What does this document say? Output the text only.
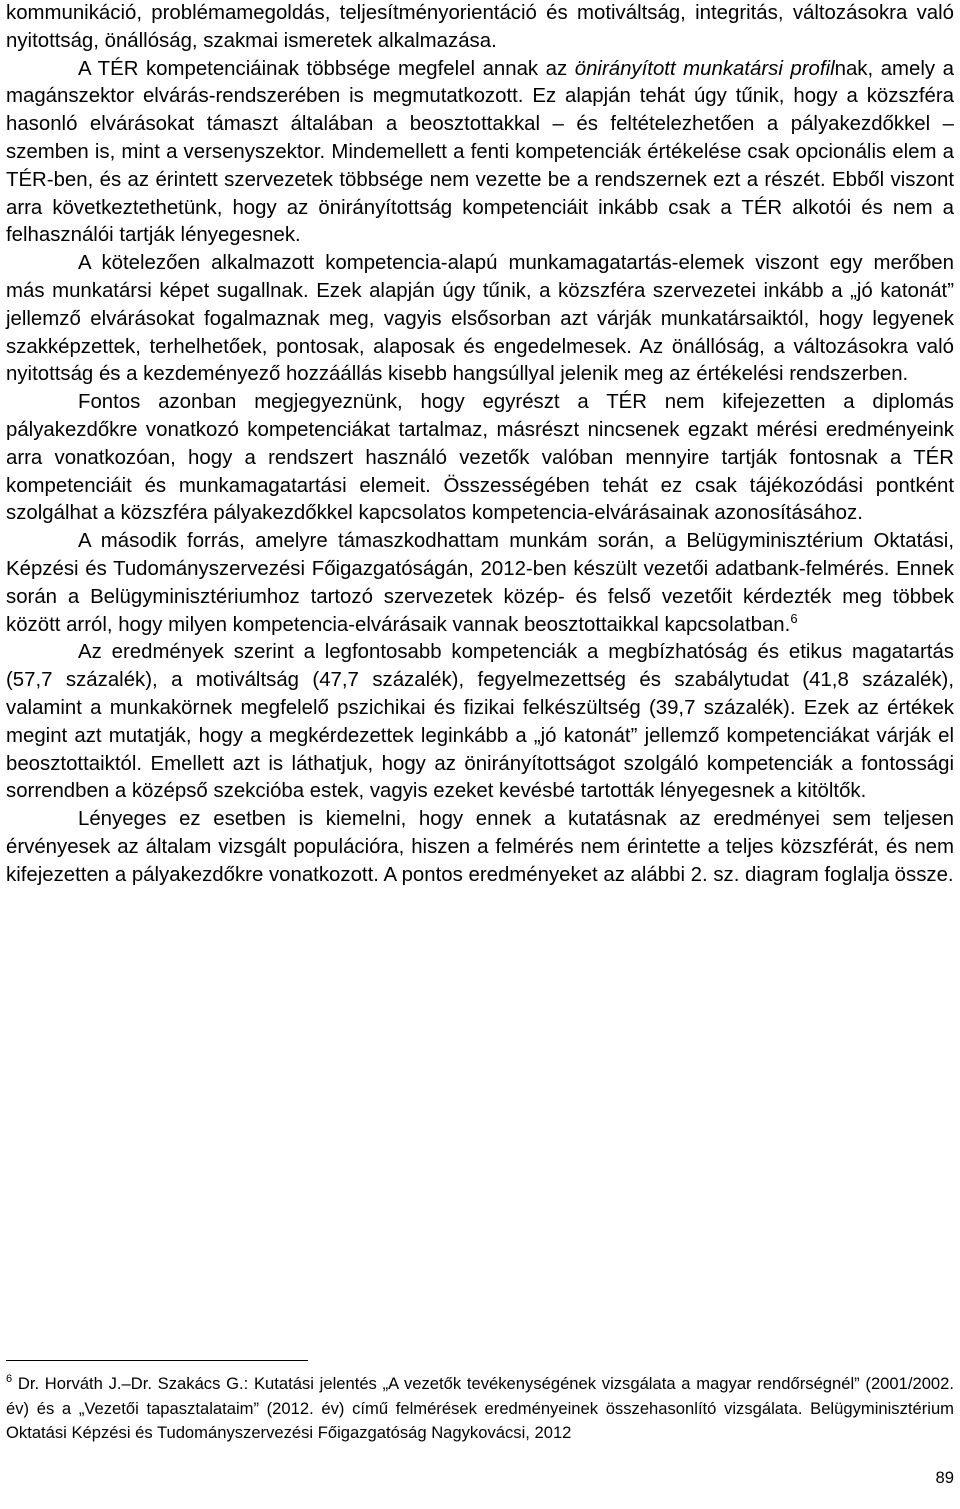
kommunikáció, problémamegoldás, teljesítményorientáció és motiváltság, integritás, változásokra való nyitottság, önállóság, szakmai ismeretek alkalmazása.

A TÉR kompetenciáinak többsége megfelel annak az önirányított munkatársi profilnak, amely a magánszektor elvárás-rendszerében is megmutatkozott. Ez alapján tehát úgy tűnik, hogy a közszféra hasonló elvárásokat támaszt általában a beosztottakkal – és feltételezhetően a pályakezdőkkel – szemben is, mint a versenyszektor. Mindemellett a fenti kompetenciák értékelése csak opcionális elem a TÉR-ben, és az érintett szervezetek többsége nem vezette be a rendszernek ezt a részét. Ebből viszont arra következtethetünk, hogy az önirányítottság kompetenciáit inkább csak a TÉR alkotói és nem a felhasználói tartják lényegesnek.

A kötelezően alkalmazott kompetencia-alapú munkamagatartás-elemek viszont egy merőben más munkatársi képet sugallnak. Ezek alapján úgy tűnik, a közszféra szervezetei inkább a „jó katonát” jellemző elvárásokat fogalmaznak meg, vagyis elsősorban azt várják munkatársaiktól, hogy legyenek szakképzettek, terhelhetőek, pontosak, alaposak és engedelmesek. Az önállóság, a változásokra való nyitottság és a kezdeményező hozzáállás kisebb hangsúllyal jelenik meg az értékelési rendszerben.

Fontos azonban megjegyeznünk, hogy egyrészt a TÉR nem kifejezetten a diplomás pályakezdőkre vonatkozó kompetenciákat tartalmaz, másrészt nincsenek egzakt mérési eredményeink arra vonatkozóan, hogy a rendszert használó vezetők valóban mennyire tartják fontosnak a TÉR kompetenciáit és munkamagatartási elemeit. Összességében tehát ez csak tájékozódási pontként szolgálhat a közszféra pályakezdőkkel kapcsolatos kompetencia-elvárásainak azonosításához.

A második forrás, amelyre támaszkodhattam munkám során, a Belügyminisztérium Oktatási, Képzési és Tudományszervezési Főigazgatóságán, 2012-ben készült vezetői adatbank-felmérés. Ennek során a Belügyminisztériumhoz tartozó szervezetek közép- és felső vezetőit kérdezték meg többek között arról, hogy milyen kompetencia-elvárásaik vannak beosztottaikkal kapcsolatban.$^6$

Az eredmények szerint a legfontosabb kompetenciák a megbízhatóság és etikus magatartás (57,7 százalék), a motiváltság (47,7 százalék), fegyelmezettség és szabálytudat (41,8 százalék), valamint a munkakörnek megfelelő pszichikai és fizikai felkészültség (39,7 százalék). Ezek az értékek megint azt mutatják, hogy a megkérdezettek leginkább a „jó katonát” jellemző kompetenciákat várják el beosztottaiktól. Emellett azt is láthatjuk, hogy az önirányítottságot szolgáló kompetenciák a fontossági sorrendben a középső szekcióba estek, vagyis ezeket kevésbé tartották lényegesnek a kitöltők.

Lényeges ez esetben is kiemelni, hogy ennek a kutatásnak az eredményei sem teljesen érvényesek az általam vizsgált populációra, hiszen a felmérés nem érintette a teljes közszférát, és nem kifejezetten a pályakezdőkre vonatkozott. A pontos eredményeket az alábbi 2. sz. diagram foglalja össze.

$^6$ Dr. Horváth J.–Dr. Szakács G.: Kutatási jelentés „A vezetők tevékenységének vizsgálata a magyar rendőrségnél” (2001/2002. év) és a „Vezetői tapasztalataim” (2012. év) című felmérések eredményeinek összehasonlító vizsgálata. Belügyminisztérium Oktatási Képzési és Tudományszervezési Főigazgatóság Nagykovácsi, 2012
89
